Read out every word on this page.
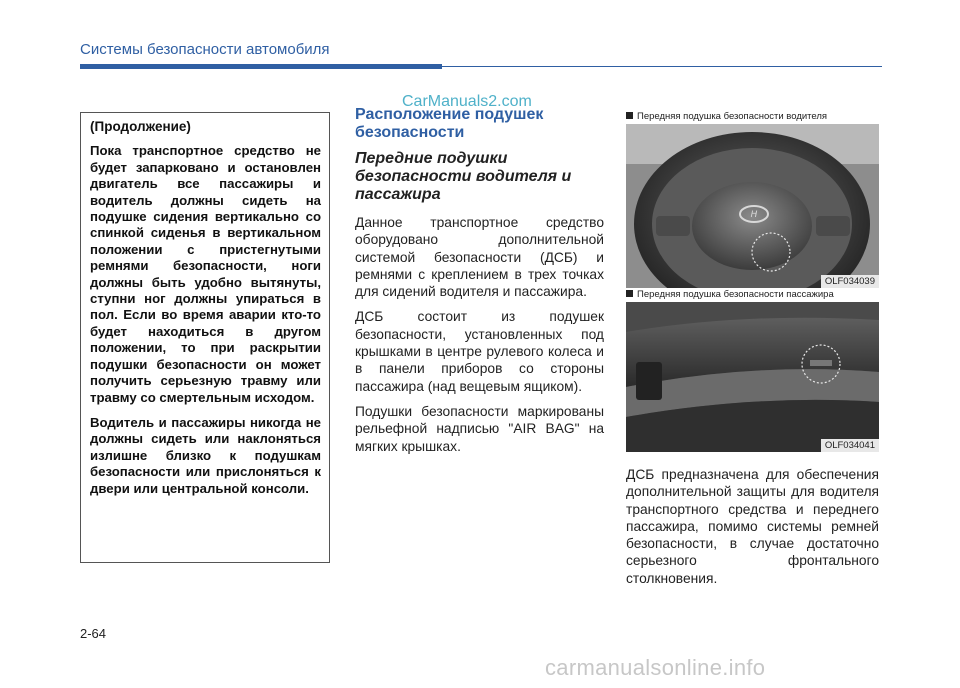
Системы безопасности автомобиля
CarManuals2.com
(Продолжение)

Пока транспортное средство не будет запарковано и остановлен двигатель все пассажиры и водитель должны сидеть на подушке сидения вертикально со спинкой сиденья в вертикальном положении с пристегнутыми ремнями безопасности, ноги должны быть удобно вытянуты, ступни ног должны упираться в пол. Если во время аварии кто-то будет находиться в другом положении, то при раскрытии подушки безопасности он может получить серьезную травму или травму со смертельным исходом.

Водитель и пассажиры никогда не должны сидеть или наклоняться излишне близко к подушкам безопасности или прислоняться к двери или центральной консоли.

Расположение подушек безопасности
Передние подушки безопасности водителя и пассажира

Данное транспортное средство оборудовано дополнительной системой безопасности (ДСБ) и ремнями с креплением в трех точках для сидений водителя и пассажира.

ДСБ состоит из подушек безопасности, установленных под крышками в центре рулевого колеса и в панели приборов со стороны пассажира (над вещевым ящиком).

Подушки безопасности маркированы рельефной надписью "AIR BAG" на мягких крышках.

Передняя подушка безопасности водителя
H
OLF034039
Передняя подушка безопасности пассажира
OLF034041

ДСБ предназначена для обеспечения дополнительной защиты для водителя транспортного средства и переднего пассажира, помимо системы ремней безопасности, в случае достаточно серьезного фронтального столкновения.

2-64
carmanualsonline.info
